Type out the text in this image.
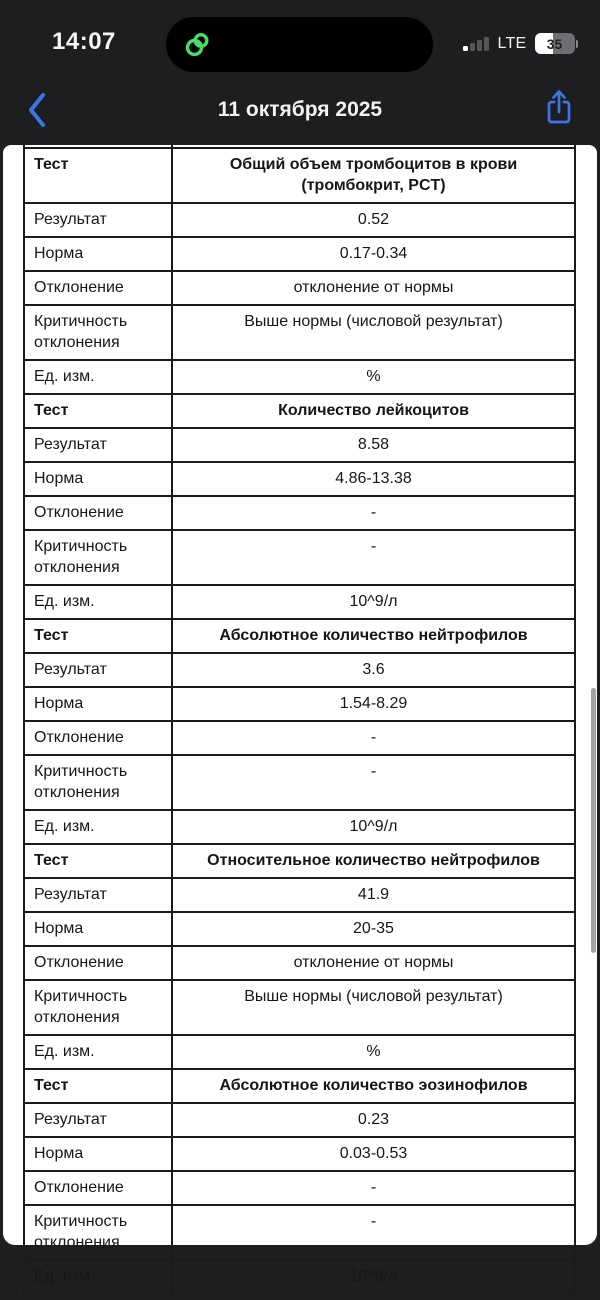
14:07	LTE	35
11 октября 2025

Тест	Общий объем тромбоцитов в крови (тромбокрит, PCT)
Результат	0.52
Норма	0.17-0.34
Отклонение	отклонение от нормы
Критичность отклонения	Выше нормы (числовой результат)
Ед. изм.	%
Тест	Количество лейкоцитов
Результат	8.58
Норма	4.86-13.38
Отклонение	-
Критичность отклонения	-
Ед. изм.	10^9/л
Тест	Абсолютное количество нейтрофилов
Результат	3.6
Норма	1.54-8.29
Отклонение	-
Критичность отклонения	-
Ед. изм.	10^9/л
Тест	Относительное количество нейтрофилов
Результат	41.9
Норма	20-35
Отклонение	отклонение от нормы
Критичность отклонения	Выше нормы (числовой результат)
Ед. изм.	%
Тест	Абсолютное количество эозинофилов
Результат	0.23
Норма	0.03-0.53
Отклонение	-
Критичность отклонения	-
Ед. изм.	10^9/л
